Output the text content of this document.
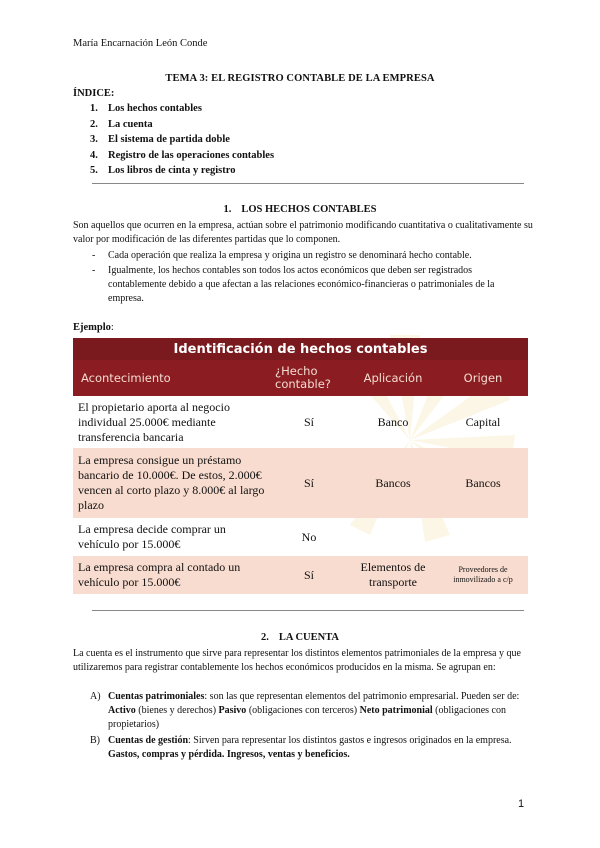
María Encarnación León Conde
TEMA 3: EL REGISTRO CONTABLE DE LA EMPRESA
ÍNDICE:
1. Los hechos contables
2. La cuenta
3. El sistema de partida doble
4. Registro de las operaciones contables
5. Los libros de cinta y registro
1. LOS HECHOS CONTABLES

Son aquellos que ocurren en la empresa, actúan sobre el patrimonio modificando cuantitativa o cualitativamente su valor por modificación de las diferentes partidas que lo componen.

- Cada operación que realiza la empresa y origina un registro se denominará hecho contable.
- Igualmente, los hechos contables son todos los actos económicos que deben ser registrados contablemente debido a que afectan a las relaciones económico-financieras o patrimoniales de la empresa.
Ejemplo:
Identificación de hechos contables			
Acontecimiento	¿Hecho contable?	Aplicación	Origen
El propietario aporta al negocio individual 25.000€ mediante transferencia bancaria	Sí	Banco	Capital
La empresa consigue un préstamo bancario de 10.000€. De estos, 2.000€ vencen al corto plazo y 8.000€ al largo plazo	Sí	Bancos	Bancos
La empresa decide comprar un vehículo por 15.000€	No		
La empresa compra al contado un vehículo por 15.000€	Sí	Elementos de transporte	Proveedores de inmovilizado a c/p
2. LA CUENTA

La cuenta es el instrumento que sirve para representar los distintos elementos patrimoniales de la empresa y que utilizaremos para registrar contablemente los hechos económicos producidos en la misma. Se agrupan en:

A) Cuentas patrimoniales: son las que representan elementos del patrimonio empresarial. Pueden ser de: Activo (bienes y derechos) Pasivo (obligaciones con terceros) Neto patrimonial (obligaciones con propietarios)
B) Cuentas de gestión: Sirven para representar los distintos gastos e ingresos originados en la empresa. Gastos, compras y pérdida. Ingresos, ventas y beneficios.
1
